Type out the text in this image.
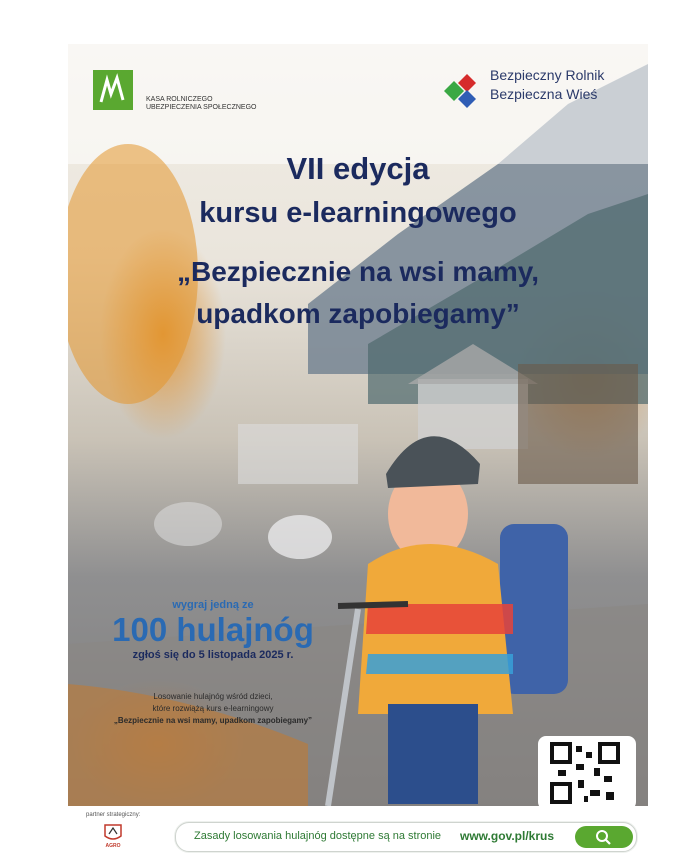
KASA ROLNICZEGO
UBEZPIECZENIA SPOŁECZNEGO
Bezpieczny Rolnik
Bezpieczna Wieś
VII edycja
kursu e-learningowego
„Bezpiecznie na wsi mamy,
upadkom zapobiegamy”
wygraj jedną ze
100 hulajnóg
zgłoś się do 5 listopada 2025 r.
Losowanie hulajnóg wśród dzieci,
które rozwiążą kurs e-learningowy
„Bezpiecznie na wsi mamy, upadkom zapobiegamy”
partner strategiczny:
AGRO
Zasady losowania hulajnóg dostępne są na stronie www.gov.pl/krus
